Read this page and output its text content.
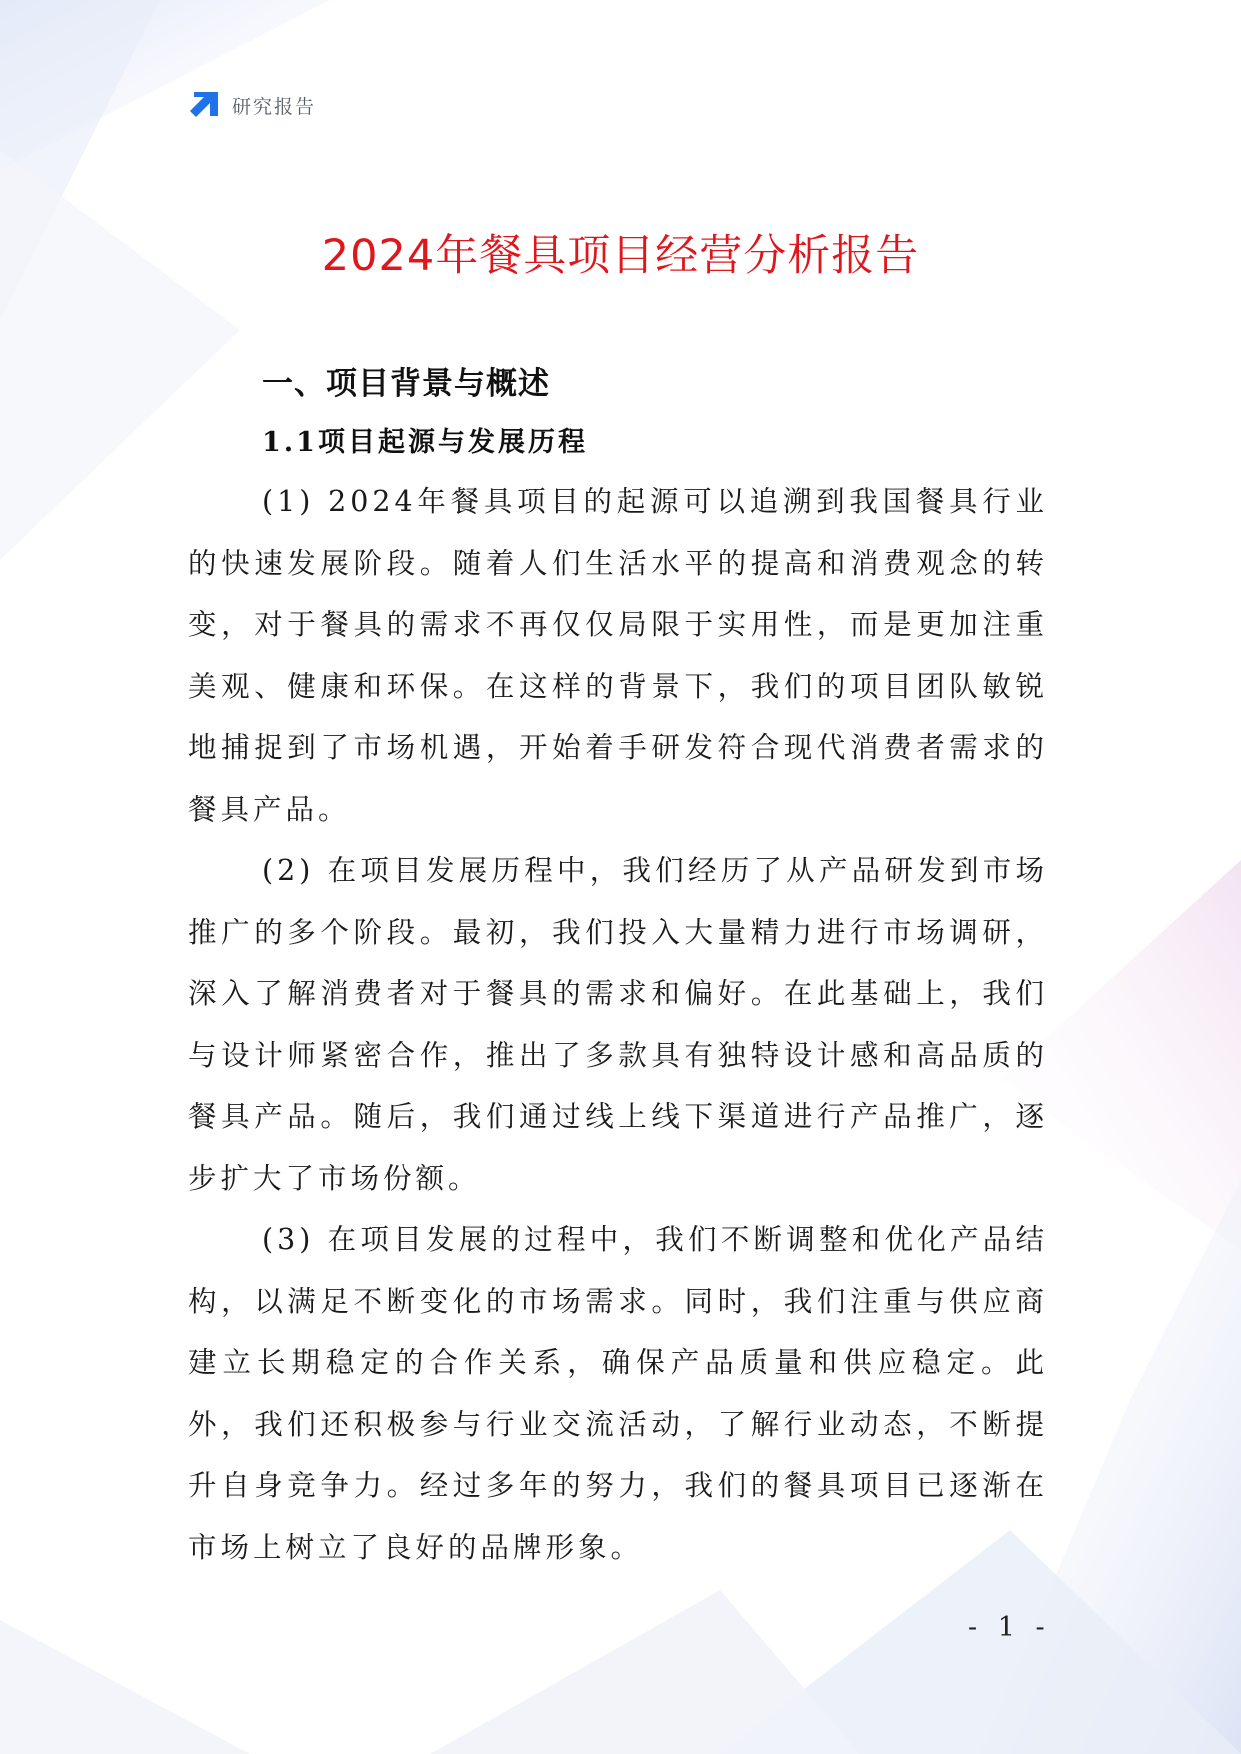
研究报告
2024年餐具项目经营分析报告
一、项目背景与概述
1.1项目起源与发展历程

(1) 2024年餐具项目的起源可以追溯到我国餐具行业的快速发展阶段。随着人们生活水平的提高和消费观念的转变，对于餐具的需求不再仅仅局限于实用性，而是更加注重美观、健康和环保。在这样的背景下，我们的项目团队敏锐地捕捉到了市场机遇，开始着手研发符合现代消费者需求的餐具产品。

(2) 在项目发展历程中，我们经历了从产品研发到市场推广的多个阶段。最初，我们投入大量精力进行市场调研，深入了解消费者对于餐具的需求和偏好。在此基础上，我们与设计师紧密合作，推出了多款具有独特设计感和高品质的餐具产品。随后，我们通过线上线下渠道进行产品推广，逐步扩大了市场份额。

(3) 在项目发展的过程中，我们不断调整和优化产品结构，以满足不断变化的市场需求。同时，我们注重与供应商建立长期稳定的合作关系，确保产品质量和供应稳定。此外，我们还积极参与行业交流活动，了解行业动态，不断提升自身竞争力。经过多年的努力，我们的餐具项目已逐渐在市场上树立了良好的品牌形象。

- 1 -
